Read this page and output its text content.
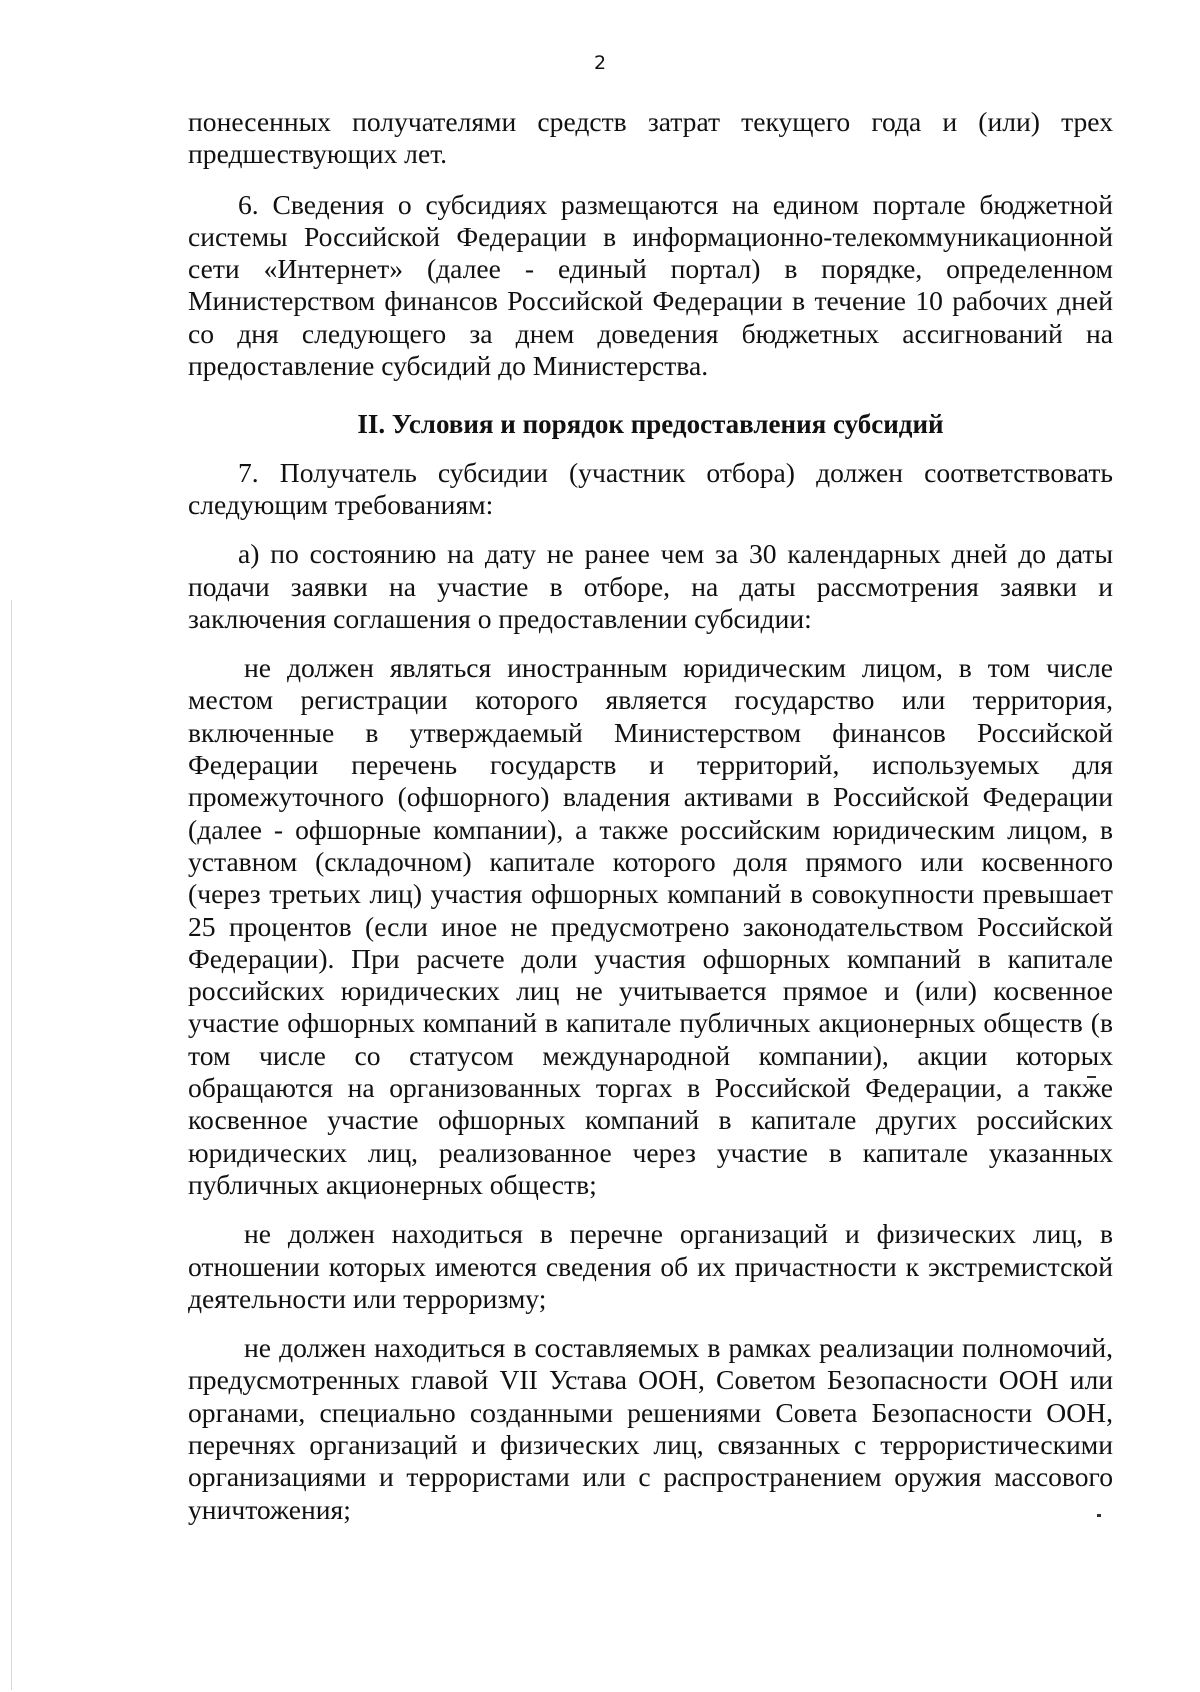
2

понесенных получателями средств затрат текущего года и (или) трех предшествующих лет.

6. Сведения о субсидиях размещаются на едином портале бюджетной системы Российской Федерации в информационно-телекоммуникационной сети «Интернет» (далее - единый портал) в порядке, определенном Министерством финансов Российской Федерации в течение 10 рабочих дней со дня следующего за днем доведения бюджетных ассигнований на предоставление субсидий до Министерства.

II. Условия и порядок предоставления субсидий

7. Получатель субсидии (участник отбора) должен соответствовать следующим требованиям:

а) по состоянию на дату не ранее чем за 30 календарных дней до даты подачи заявки на участие в отборе, на даты рассмотрения заявки и заключения соглашения о предоставлении субсидии:

не должен являться иностранным юридическим лицом, в том числе местом регистрации которого является государство или территория, включенные в утверждаемый Министерством финансов Российской Федерации перечень государств и территорий, используемых для промежуточного (офшорного) владения активами в Российской Федерации (далее - офшорные компании), а также российским юридическим лицом, в уставном (складочном) капитале которого доля прямого или косвенного (через третьих лиц) участия офшорных компаний в совокупности превышает 25 процентов (если иное не предусмотрено законодательством Российской Федерации). При расчете доли участия офшорных компаний в капитале российских юридических лиц не учитывается прямое и (или) косвенное участие офшорных компаний в капитале публичных акционерных обществ (в том числе со статусом международной компании), акции которых обращаются на организованных торгах в Российской Федерации, а также косвенное участие офшорных компаний в капитале других российских юридических лиц, реализованное через участие в капитале указанных публичных акционерных обществ;

не должен находиться в перечне организаций и физических лиц, в отношении которых имеются сведения об их причастности к экстремистской деятельности или терроризму;

не должен находиться в составляемых в рамках реализации полномочий, предусмотренных главой VII Устава ООН, Советом Безопасности ООН или органами, специально созданными решениями Совета Безопасности ООН, перечнях организаций и физических лиц, связанных с террористическими организациями и террористами или с распространением оружия массового уничтожения;
